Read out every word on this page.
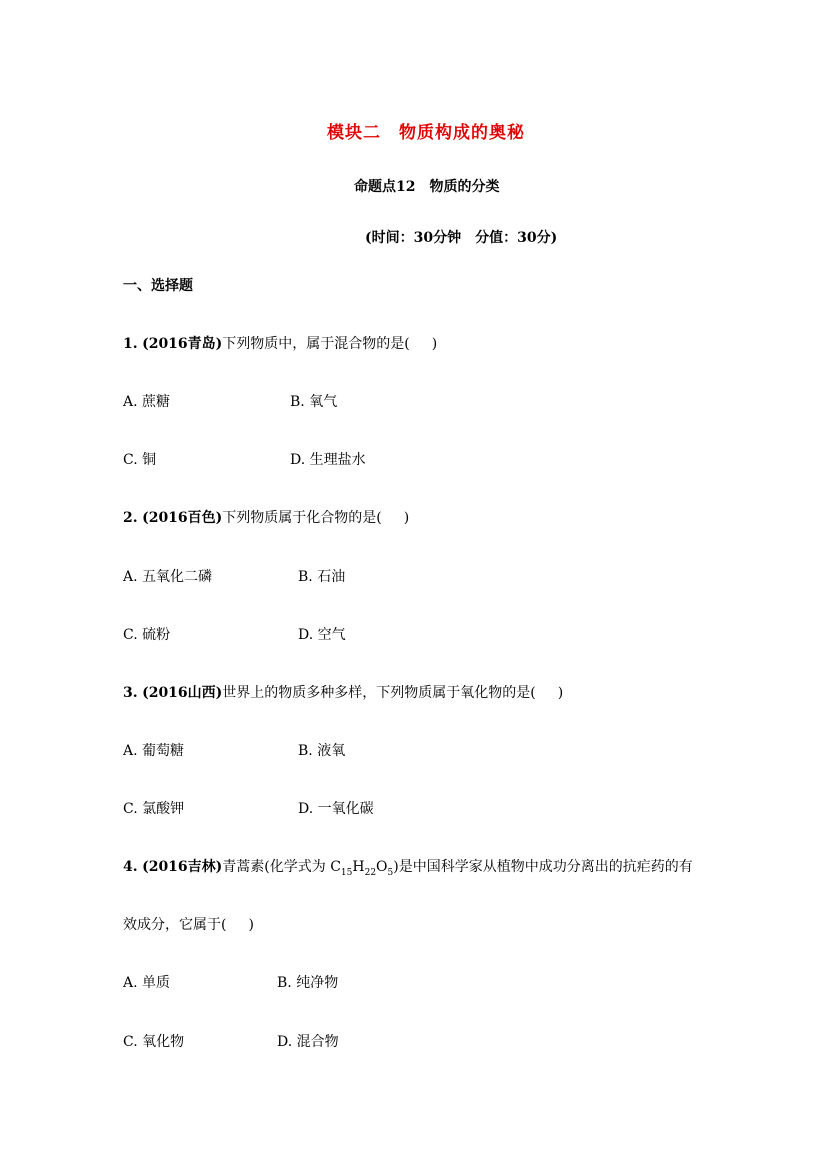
模块二　物质构成的奥秘
命题点12　物质的分类
(时间：30分钟　分值：30分)
一、选择题
1. (2016青岛)下列物质中，属于混合物的是( )
A. 蔗糖	B. 氧气
C. 铜	D. 生理盐水
2. (2016百色)下列物质属于化合物的是( )
A. 五氧化二磷	B. 石油
C. 硫粉	D. 空气
3. (2016山西)世界上的物质多种多样，下列物质属于氧化物的是( )
A. 葡萄糖	B. 液氧
C. 氯酸钾	D. 一氧化碳
4. (2016吉林)青蒿素(化学式为 $C_{15}H_{22}O_5$)是中国科学家从植物中成功分离出的抗疟药的有
效成分，它属于( )
A. 单质	B. 纯净物
C. 氧化物	D. 混合物
